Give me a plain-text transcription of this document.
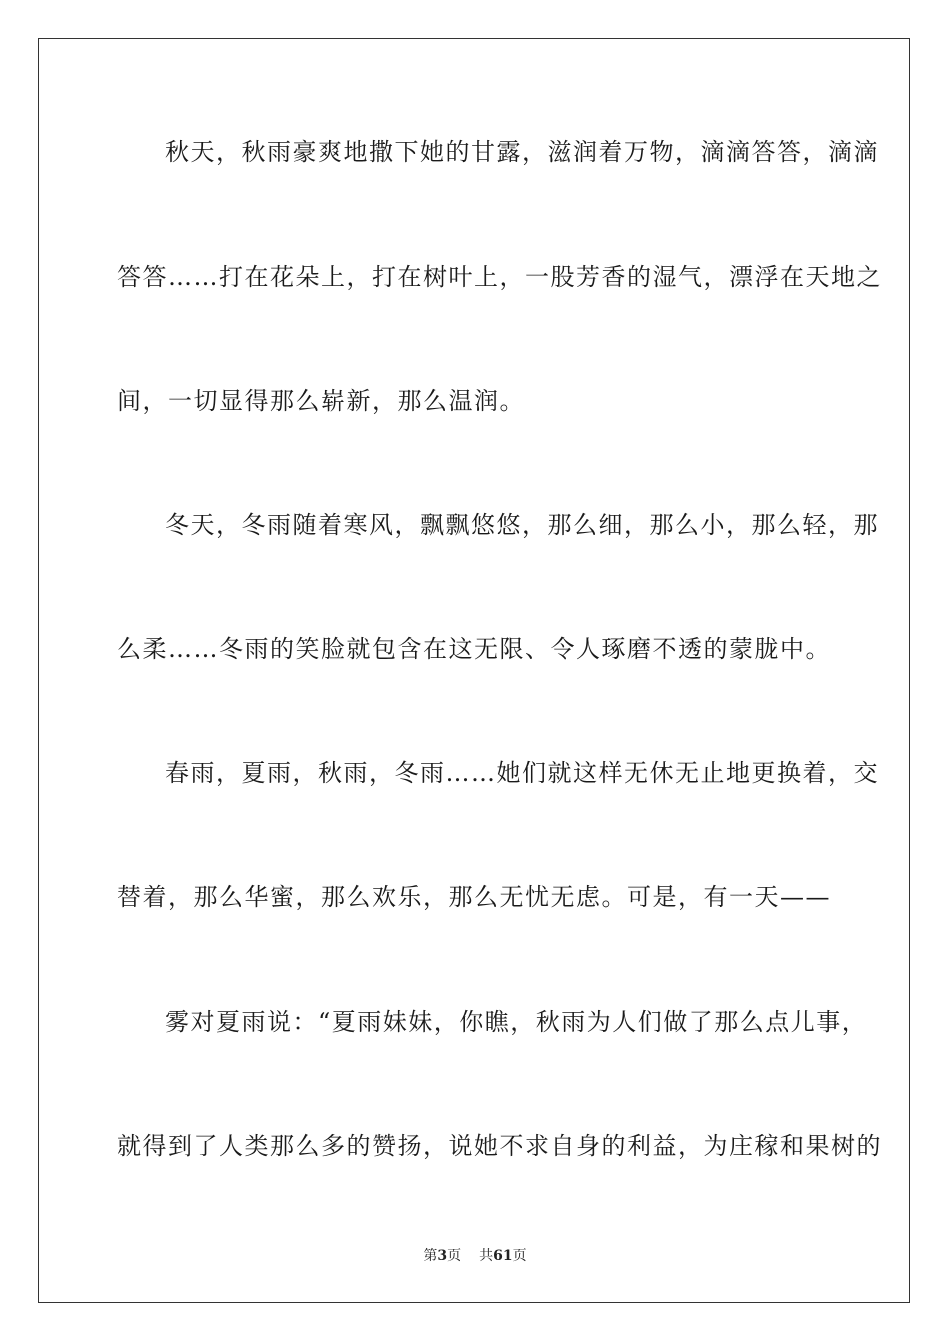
秋天，秋雨豪爽地撒下她的甘露，滋润着万物，滴滴答答，滴滴
答答……打在花朵上，打在树叶上，一股芳香的湿气，漂浮在天地之
间，一切显得那么崭新，那么温润。
冬天，冬雨随着寒风，飘飘悠悠，那么细，那么小，那么轻，那
么柔……冬雨的笑脸就包含在这无限、令人琢磨不透的蒙胧中。
春雨，夏雨，秋雨，冬雨……她们就这样无休无止地更换着，交
替着，那么华蜜，那么欢乐，那么无忧无虑。可是，有一天——
雾对夏雨说：“夏雨妹妹，你瞧，秋雨为人们做了那么点儿事，
就得到了人类那么多的赞扬，说她不求自身的利益，为庄稼和果树的
第3页 共61页
